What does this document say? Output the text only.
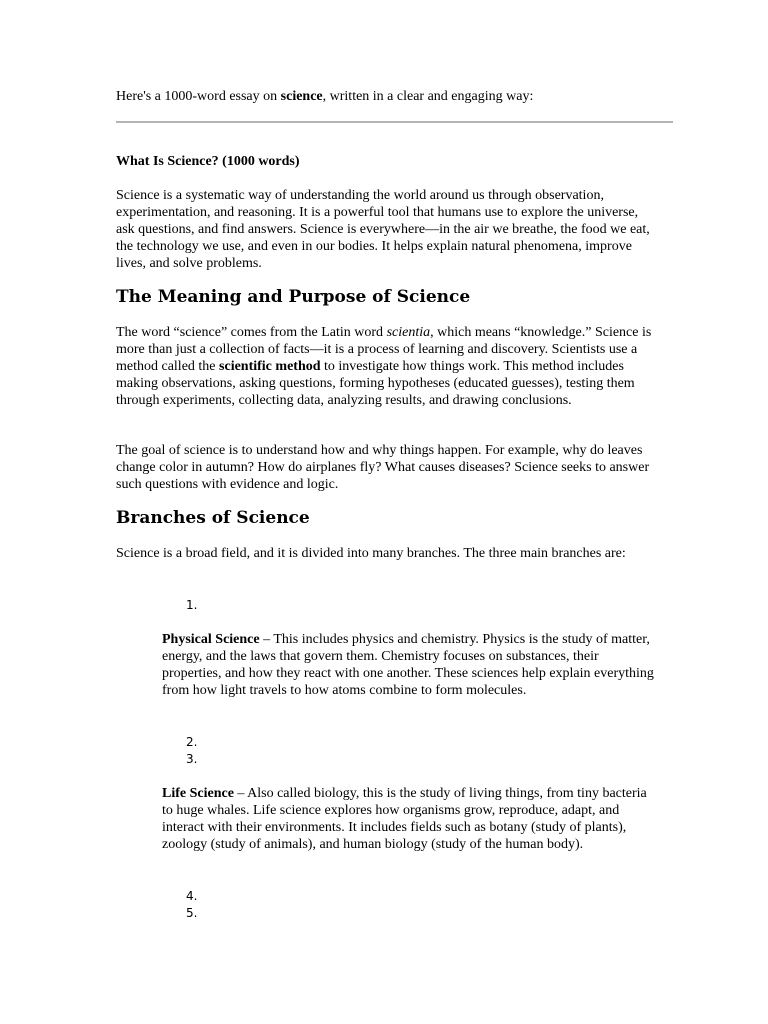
Here's a 1000-word essay on science, written in a clear and engaging way:

What Is Science? (1000 words)

Science is a systematic way of understanding the world around us through observation, experimentation, and reasoning. It is a powerful tool that humans use to explore the universe, ask questions, and find answers. Science is everywhere—in the air we breathe, the food we eat, the technology we use, and even in our bodies. It helps explain natural phenomena, improve lives, and solve problems.

The Meaning and Purpose of Science

The word “science” comes from the Latin word scientia, which means “knowledge.” Science is more than just a collection of facts—it is a process of learning and discovery. Scientists use a method called the scientific method to investigate how things work. This method includes making observations, asking questions, forming hypotheses (educated guesses), testing them through experiments, collecting data, analyzing results, and drawing conclusions.

The goal of science is to understand how and why things happen. For example, why do leaves change color in autumn? How do airplanes fly? What causes diseases? Science seeks to answer such questions with evidence and logic.

Branches of Science

Science is a broad field, and it is divided into many branches. The three main branches are:

1.

Physical Science – This includes physics and chemistry. Physics is the study of matter, energy, and the laws that govern them. Chemistry focuses on substances, their properties, and how they react with one another. These sciences help explain everything from how light travels to how atoms combine to form molecules.

2.
3.

Life Science – Also called biology, this is the study of living things, from tiny bacteria to huge whales. Life science explores how organisms grow, reproduce, adapt, and interact with their environments. It includes fields such as botany (study of plants), zoology (study of animals), and human biology (study of the human body).

4.
5.
